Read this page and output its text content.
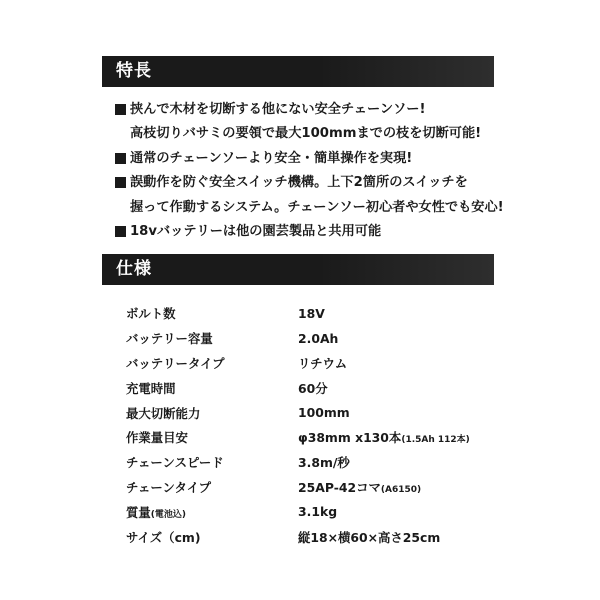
特長
挟んで木材を切断する他にない安全チェーンソー!
高枝切りバサミの要領で最大100mmまでの枝を切断可能!
通常のチェーンソーより安全・簡単操作を実現!
誤動作を防ぐ安全スイッチ機構。上下2箇所のスイッチを
握って作動するシステム。チェーンソー初心者や女性でも安心!
18vバッテリーは他の園芸製品と共用可能
仕様
ボルト数	18V
バッテリー容量	2.0Ah
バッテリータイプ	リチウム
充電時間	60分
最大切断能力	100mm
作業量目安	φ38mm x130本(1.5Ah 112本)
チェーンスピード	3.8m/秒
チェーンタイプ	25AP-42コマ(A6150)
質量(電池込)	3.1kg
サイズ（cm)	縦18×横60×高さ25cm
